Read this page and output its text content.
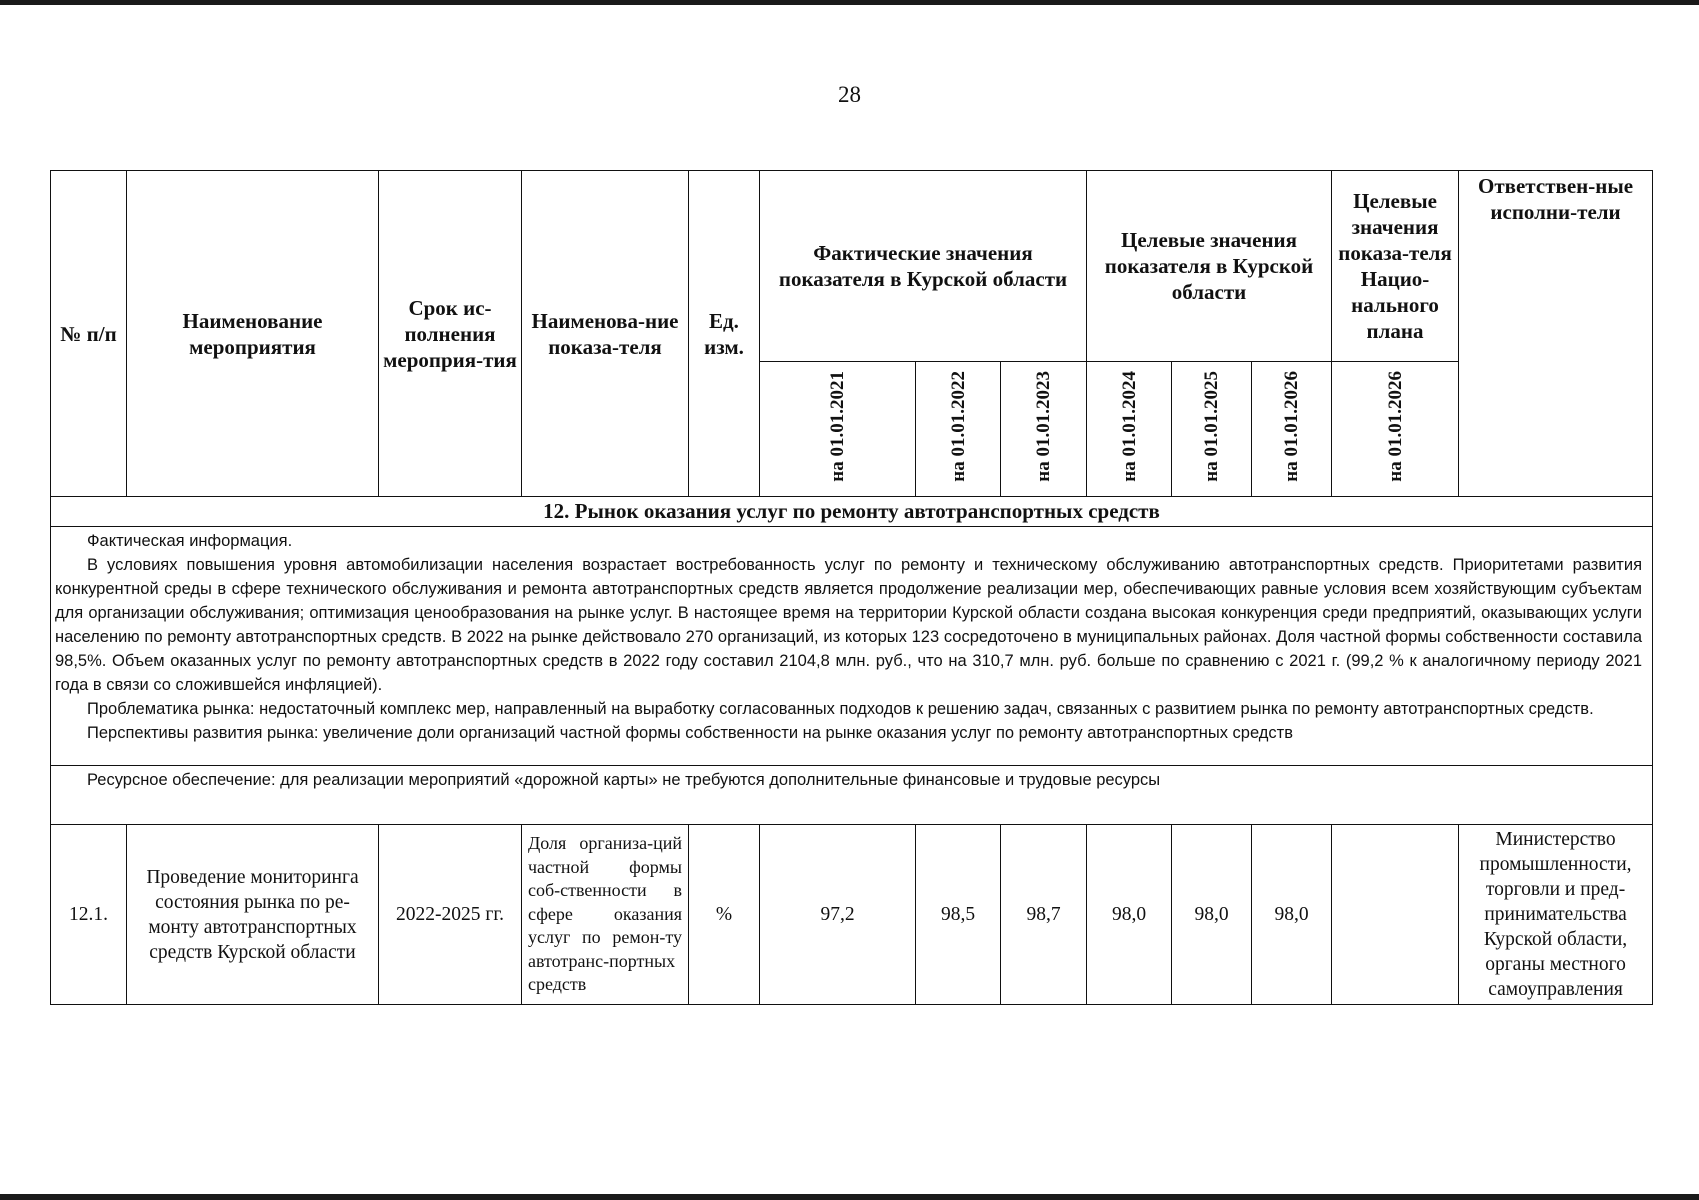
28
№ п/п	Наименование мероприятия	Срок ис-полнения мероприя-тия	Наименова-ние показа-теля	Ед. изм.	Фактические значения показателя в Курской области			Целевые значения показателя в Курской области			Целевые значения показа-теля Нацио-нального плана	Ответствен-ные исполни-тели
					на 01.01.2021	на 01.01.2022	на 01.01.2023	на 01.01.2024	на 01.01.2025	на 01.01.2026	на 01.01.2026	
12. Рынок оказания услуг по ремонту автотранспортных средств												

Фактическая информация.

В условиях повышения уровня автомобилизации населения возрастает востребованность услуг по ремонту и техническому обслуживанию автотранспортных средств. Приоритетами развития конкурентной среды в сфере технического обслуживания и ремонта автотранспортных средств является продолжение реализации мер, обеспечивающих равные условия всем хозяйствующим субъектам для организации обслуживания; оптимизация ценообразования на рынке услуг. В настоящее время на территории Курской области создана высокая конкуренция среди предприятий, оказывающих услуги населению по ремонту автотранспортных средств. В 2022 на рынке действовало 270 организаций, из которых 123 сосредоточено в муниципальных районах. Доля частной формы собственности составила 98,5%. Объем оказанных услуг по ремонту автотранспортных средств в 2022 году составил 2104,8 млн. руб., что на 310,7 млн. руб. больше по сравнению с 2021 г. (99,2 % к аналогичному периоду 2021 года в связи со сложившейся инфляцией).

Проблематика рынка: недостаточный комплекс мер, направленный на выработку согласованных подходов к решению задач, связанных с развитием рынка по ремонту автотранспортных средств.

Перспективы развития рынка: увеличение доли организаций частной формы собственности на рынке оказания услуг по ремонту автотранспортных средств												

Ресурсное обеспечение: для реализации мероприятий «дорожной карты» не требуются дополнительные финансовые и трудовые ресурсы												

12.1.	Проведение мониторинга состояния рынка по ре-монту автотранспортных средств Курской области	2022-2025 гг.	Доля организа-ций частной формы соб-ственности в сфере оказания услуг по ремон-ту автотранс-портных средств	%	97,2	98,5	98,7	98,0	98,0	98,0		Министерство промышленности, торговли и пред-принимательства Курской области, органы местного самоуправления
